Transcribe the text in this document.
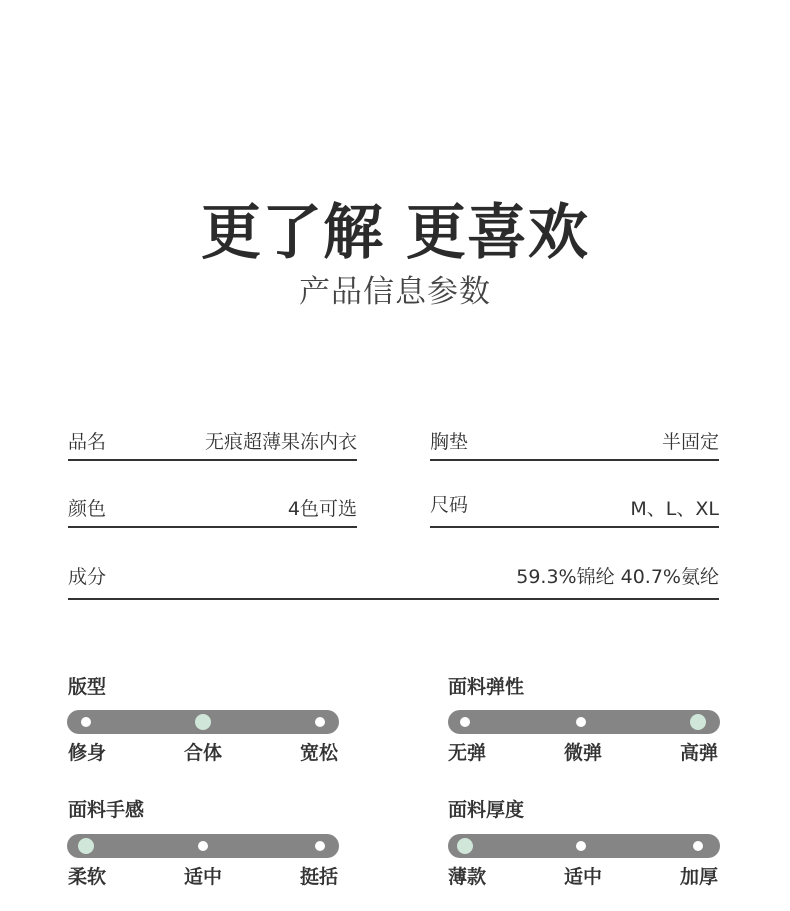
更了解 更喜欢
产品信息参数
品名	无痕超薄果冻内衣	胸垫	半固定
颜色	4色可选	尺码	M、L、XL
成分	59.3%锦纶 40.7%氨纶
版型
修身	合体	宽松
面料弹性
无弹	微弹	高弹
面料手感
柔软	适中	挺括
面料厚度
薄款	适中	加厚
